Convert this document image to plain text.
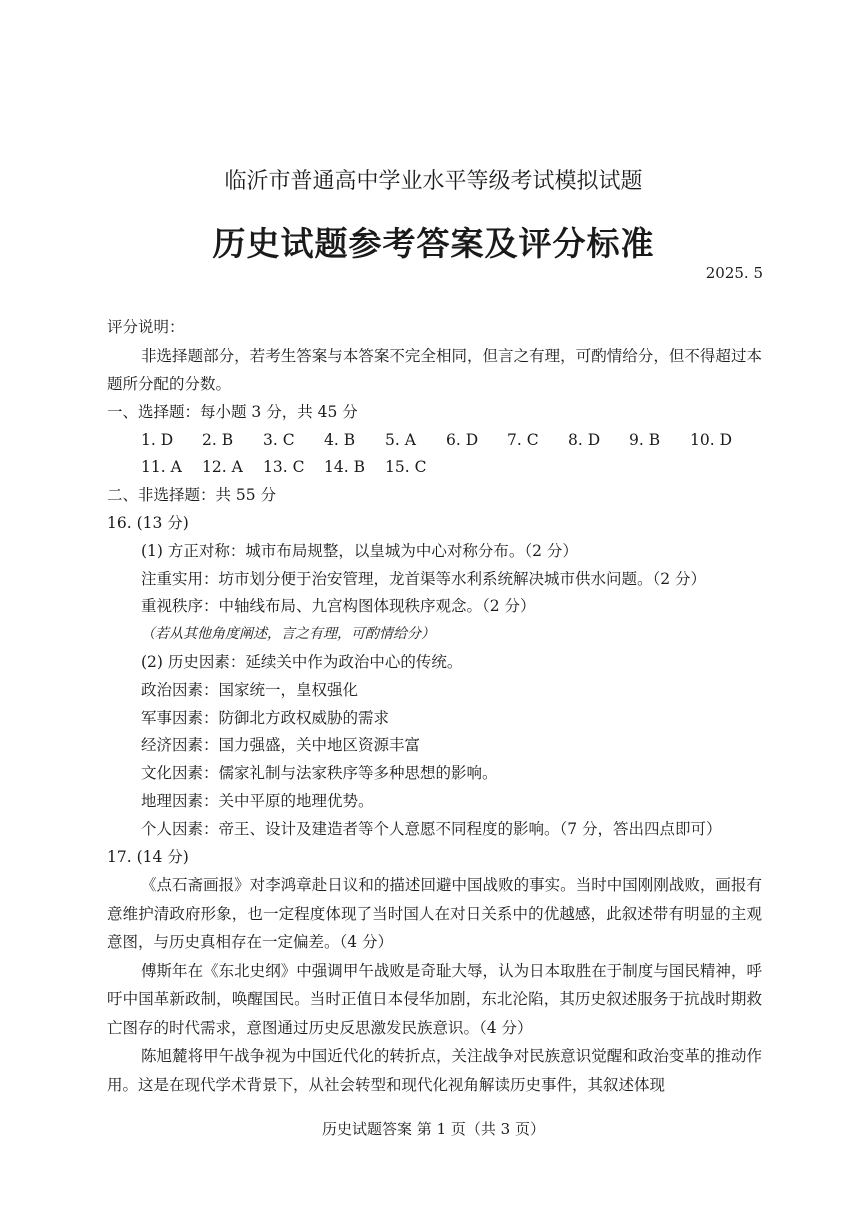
临沂市普通高中学业水平等级考试模拟试题
历史试题参考答案及评分标准
2025. 5
评分说明：
非选择题部分，若考生答案与本答案不完全相同，但言之有理，可酌情给分，但不得超过本题所分配的分数。
一、选择题：每小题 3 分，共 45 分
1. D	2. B	3. C	4. B	5. A	6. D	7. C	8. D	9. B	10. D
11. A	12. A	13. C	14. B	15. C
二、非选择题：共 55 分
16. (13 分)
(1) 方正对称：城市布局规整，以皇城为中心对称分布。（2 分）
注重实用：坊市划分便于治安管理，龙首渠等水利系统解决城市供水问题。（2 分）
重视秩序：中轴线布局、九宫构图体现秩序观念。（2 分）
（若从其他角度阐述，言之有理，可酌情给分）
(2) 历史因素：延续关中作为政治中心的传统。
政治因素：国家统一，皇权强化
军事因素：防御北方政权威胁的需求
经济因素：国力强盛，关中地区资源丰富
文化因素：儒家礼制与法家秩序等多种思想的影响。
地理因素：关中平原的地理优势。
个人因素：帝王、设计及建造者等个人意愿不同程度的影响。（7 分，答出四点即可）
17. (14 分)
《点石斋画报》对李鸿章赴日议和的描述回避中国战败的事实。当时中国刚刚战败，画报有意维护清政府形象，也一定程度体现了当时国人在对日关系中的优越感，此叙述带有明显的主观意图，与历史真相存在一定偏差。（4 分）
傅斯年在《东北史纲》中强调甲午战败是奇耻大辱，认为日本取胜在于制度与国民精神，呼吁中国革新政制，唤醒国民。当时正值日本侵华加剧，东北沦陷，其历史叙述服务于抗战时期救亡图存的时代需求，意图通过历史反思激发民族意识。（4 分）
陈旭麓将甲午战争视为中国近代化的转折点，关注战争对民族意识觉醒和政治变革的推动作用。这是在现代学术背景下，从社会转型和现代化视角解读历史事件，其叙述体现
历史试题答案 第 1 页（共 3 页）
